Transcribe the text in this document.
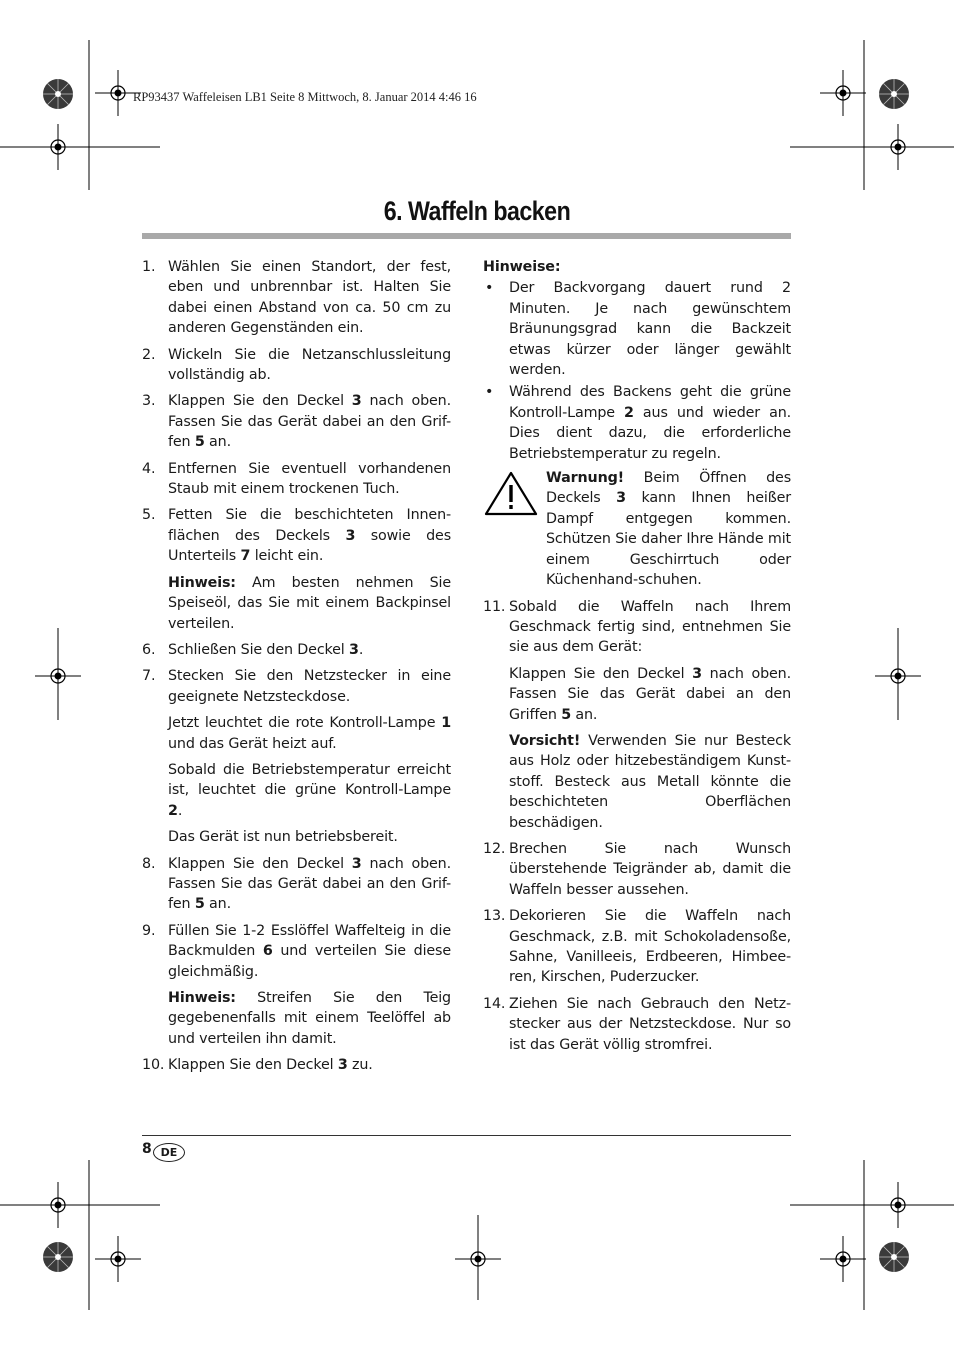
RP93437 Waffeleisen LB1 Seite 8 Mittwoch, 8. Januar 2014 4:46 16
6. Waffeln backen
1. Wählen Sie einen Standort, der fest, eben und unbrennbar ist. Halten Sie dabei einen Abstand von ca. 50 cm zu anderen Gegenständen ein.
2. Wickeln Sie die Netzanschlussleitung vollständig ab.
3. Klappen Sie den Deckel 3 nach oben. Fassen Sie das Gerät dabei an den Grif-fen 5 an.
4. Entfernen Sie eventuell vorhandenen Staub mit einem trockenen Tuch.
5. Fetten Sie die beschichteten Innen-flächen des Deckels 3 sowie des Unterteils 7 leicht ein.
Hinweis: Am besten nehmen Sie Speiseöl, das Sie mit einem Backpinsel verteilen.
6. Schließen Sie den Deckel 3.
7. Stecken Sie den Netzstecker in eine geeignete Netzsteckdose.
Jetzt leuchtet die rote Kontroll-Lampe 1 und das Gerät heizt auf.
Sobald die Betriebstemperatur erreicht ist, leuchtet die grüne Kontroll-Lampe 2.
Das Gerät ist nun betriebsbereit.
8. Klappen Sie den Deckel 3 nach oben. Fassen Sie das Gerät dabei an den Grif-fen 5 an.
9. Füllen Sie 1-2 Esslöffel Waffelteig in die Backmulden 6 und verteilen Sie diese gleichmäßig.
Hinweis: Streifen Sie den Teig gegebenenfalls mit einem Teelöffel ab und verteilen ihn damit.
10. Klappen Sie den Deckel 3 zu.
Hinweise:
• Der Backvorgang dauert rund 2 Minuten. Je nach gewünschtem Bräunungsgrad kann die Backzeit etwas kürzer oder länger gewählt werden.
• Während des Backens geht die grüne Kontroll-Lampe 2 aus und wieder an. Dies dient dazu, die erforderliche Betriebstemperatur zu regeln.
Warnung! Beim Öffnen des Deckels 3 kann Ihnen heißer Dampf entgegen kommen. Schützen Sie daher Ihre Hände mit einem Geschirrtuch oder Küchenhand-schuhen.
11. Sobald die Waffeln nach Ihrem Geschmack fertig sind, entnehmen Sie sie aus dem Gerät:
Klappen Sie den Deckel 3 nach oben. Fassen Sie das Gerät dabei an den Griffen 5 an.
Vorsicht! Verwenden Sie nur Besteck aus Holz oder hitzebeständigem Kunst-stoff. Besteck aus Metall könnte die beschichteten Oberflächen beschädigen.
12. Brechen Sie nach Wunsch überstehende Teigränder ab, damit die Waffeln besser aussehen.
13. Dekorieren Sie die Waffeln nach Geschmack, z.B. mit Schokoladensoße, Sahne, Vanilleeis, Erdbeeren, Himbee-ren, Kirschen, Puderzucker.
14. Ziehen Sie nach Gebrauch den Netz-stecker aus der Netzsteckdose. Nur so ist das Gerät völlig stromfrei.
8 DE
